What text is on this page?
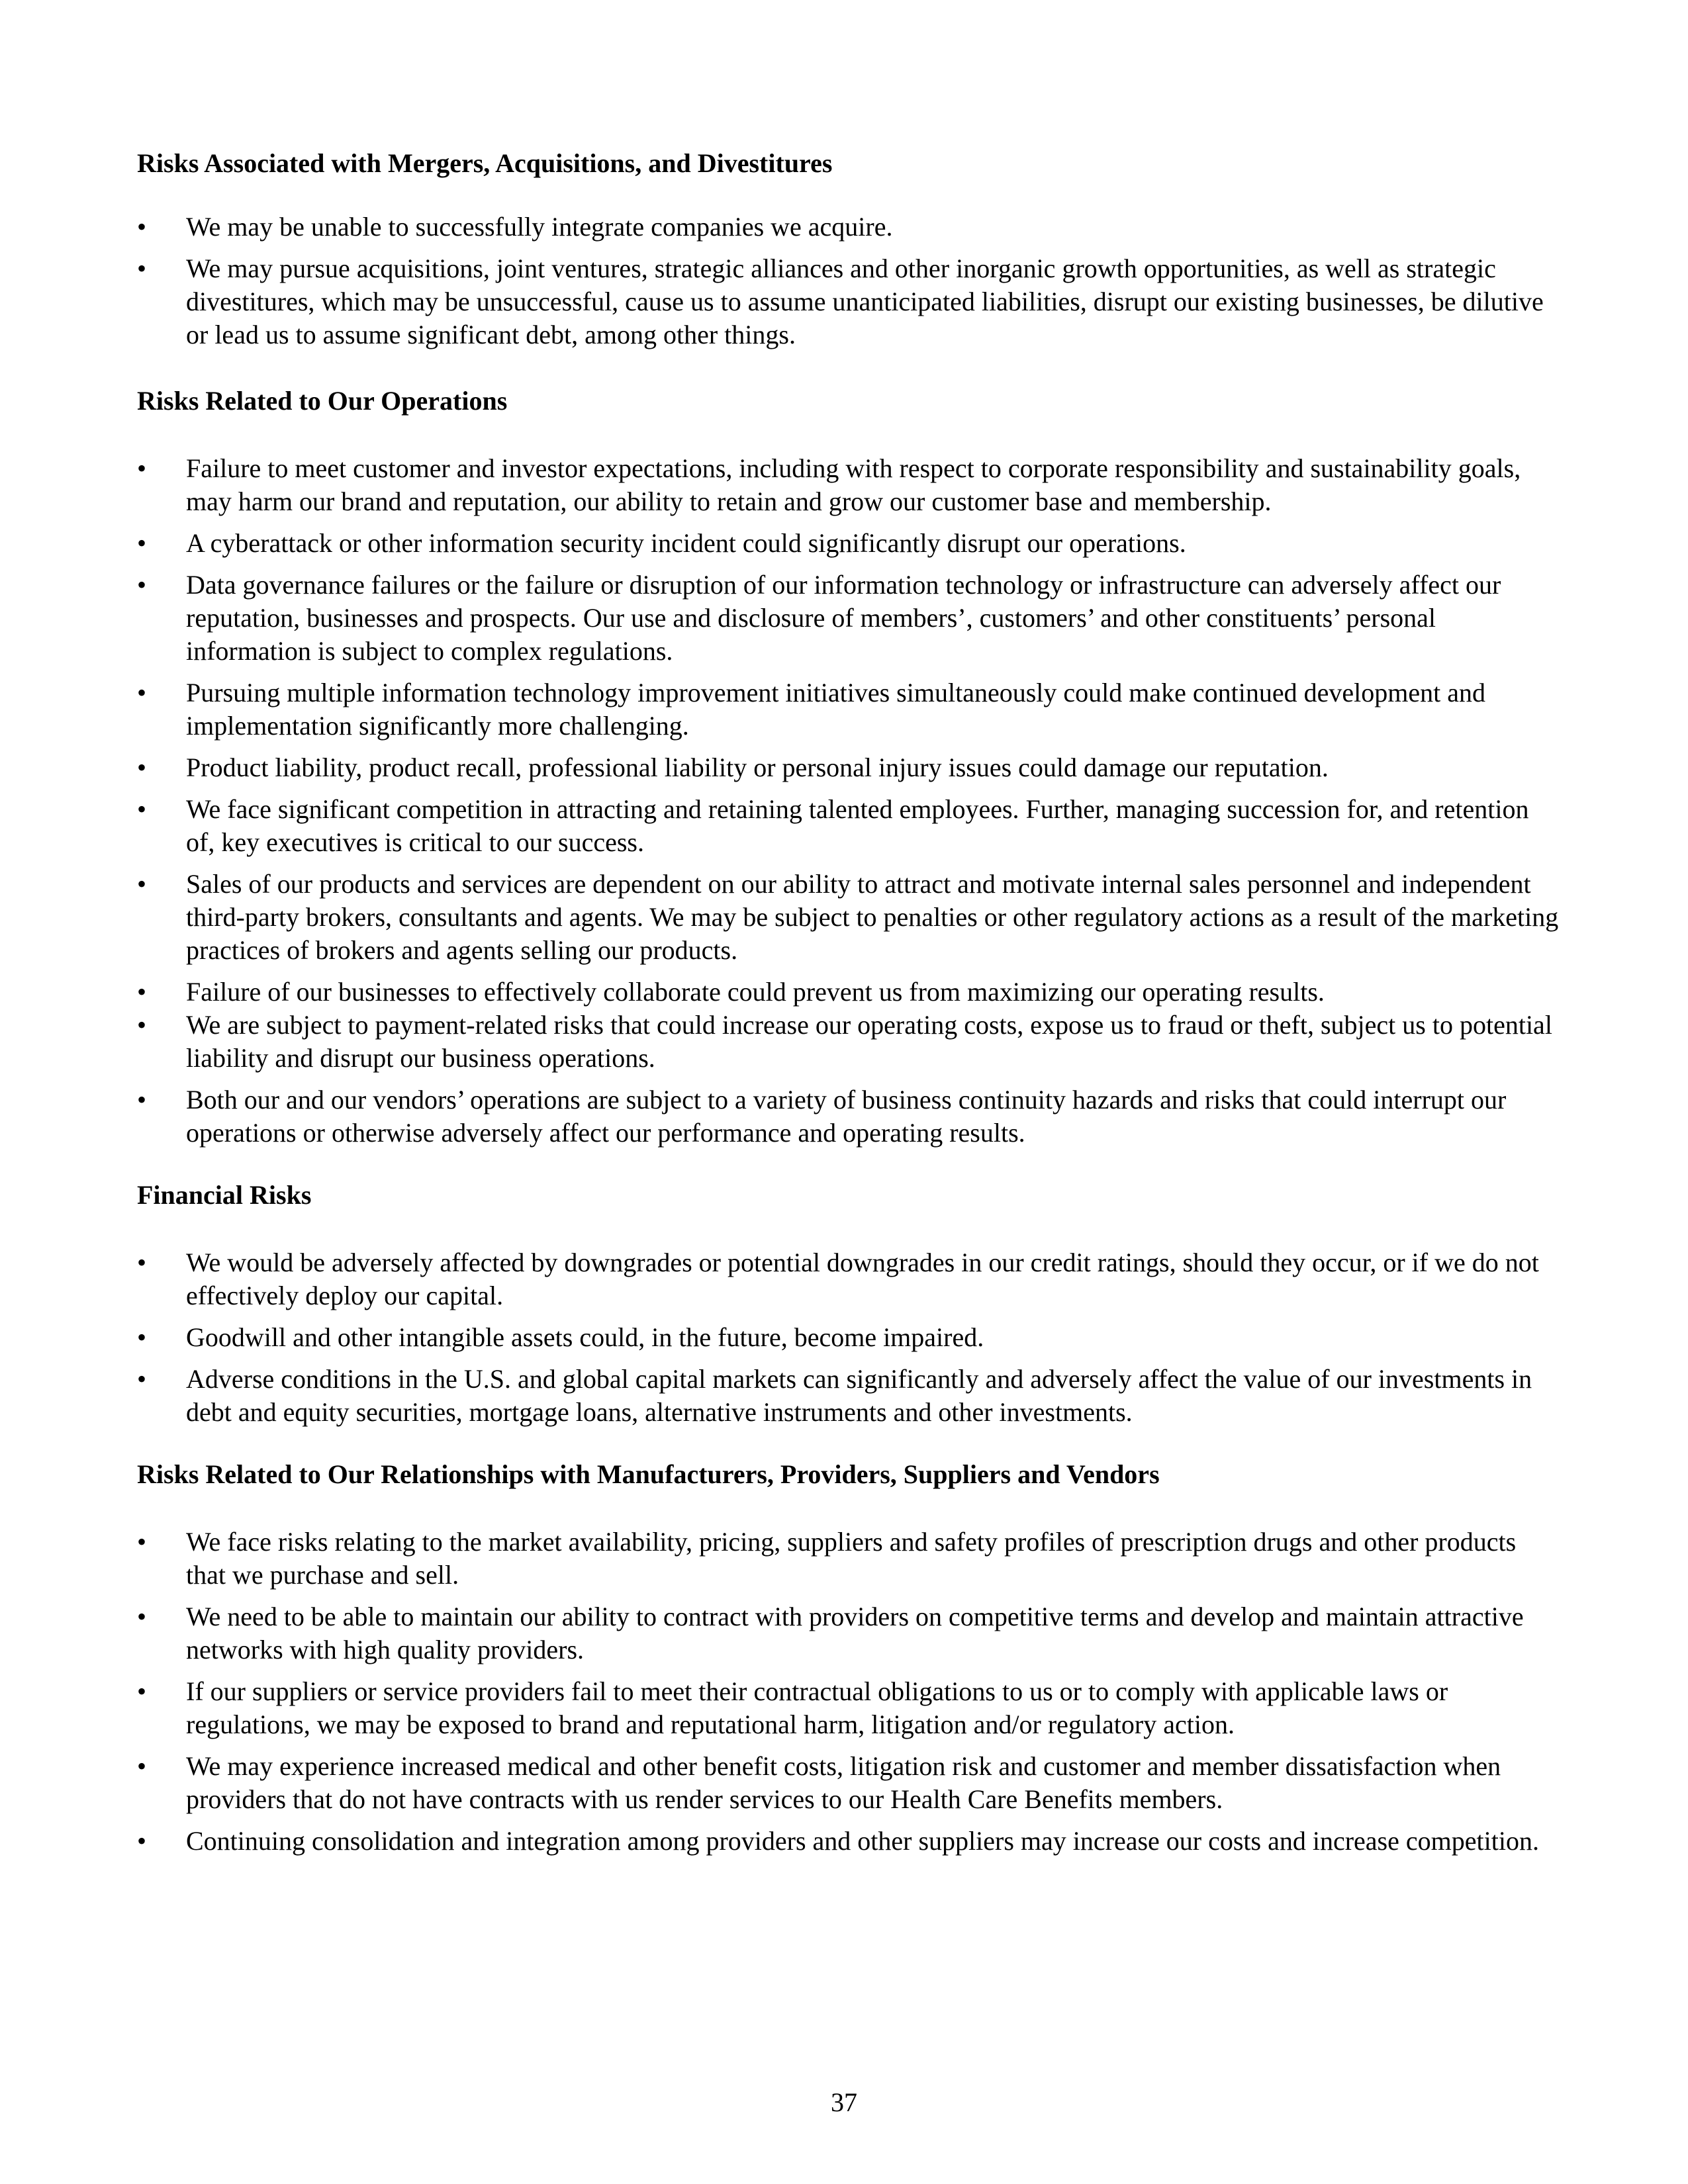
Risks Associated with Mergers, Acquisitions, and Divestitures
• We may be unable to successfully integrate companies we acquire.
• We may pursue acquisitions, joint ventures, strategic alliances and other inorganic growth opportunities, as well as strategic divestitures, which may be unsuccessful, cause us to assume unanticipated liabilities, disrupt our existing businesses, be dilutive or lead us to assume significant debt, among other things.
Risks Related to Our Operations
• Failure to meet customer and investor expectations, including with respect to corporate responsibility and sustainability goals, may harm our brand and reputation, our ability to retain and grow our customer base and membership.
• A cyberattack or other information security incident could significantly disrupt our operations.
• Data governance failures or the failure or disruption of our information technology or infrastructure can adversely affect our reputation, businesses and prospects. Our use and disclosure of members’, customers’ and other constituents’ personal information is subject to complex regulations.
• Pursuing multiple information technology improvement initiatives simultaneously could make continued development and implementation significantly more challenging.
• Product liability, product recall, professional liability or personal injury issues could damage our reputation.
• We face significant competition in attracting and retaining talented employees. Further, managing succession for, and retention of, key executives is critical to our success.
• Sales of our products and services are dependent on our ability to attract and motivate internal sales personnel and independent third-party brokers, consultants and agents. We may be subject to penalties or other regulatory actions as a result of the marketing practices of brokers and agents selling our products.
• Failure of our businesses to effectively collaborate could prevent us from maximizing our operating results.
• We are subject to payment-related risks that could increase our operating costs, expose us to fraud or theft, subject us to potential liability and disrupt our business operations.
• Both our and our vendors’ operations are subject to a variety of business continuity hazards and risks that could interrupt our operations or otherwise adversely affect our performance and operating results.
Financial Risks
• We would be adversely affected by downgrades or potential downgrades in our credit ratings, should they occur, or if we do not effectively deploy our capital.
• Goodwill and other intangible assets could, in the future, become impaired.
• Adverse conditions in the U.S. and global capital markets can significantly and adversely affect the value of our investments in debt and equity securities, mortgage loans, alternative instruments and other investments.
Risks Related to Our Relationships with Manufacturers, Providers, Suppliers and Vendors
• We face risks relating to the market availability, pricing, suppliers and safety profiles of prescription drugs and other products that we purchase and sell.
• We need to be able to maintain our ability to contract with providers on competitive terms and develop and maintain attractive networks with high quality providers.
• If our suppliers or service providers fail to meet their contractual obligations to us or to comply with applicable laws or regulations, we may be exposed to brand and reputational harm, litigation and/or regulatory action.
• We may experience increased medical and other benefit costs, litigation risk and customer and member dissatisfaction when providers that do not have contracts with us render services to our Health Care Benefits members.
• Continuing consolidation and integration among providers and other suppliers may increase our costs and increase competition.
37
